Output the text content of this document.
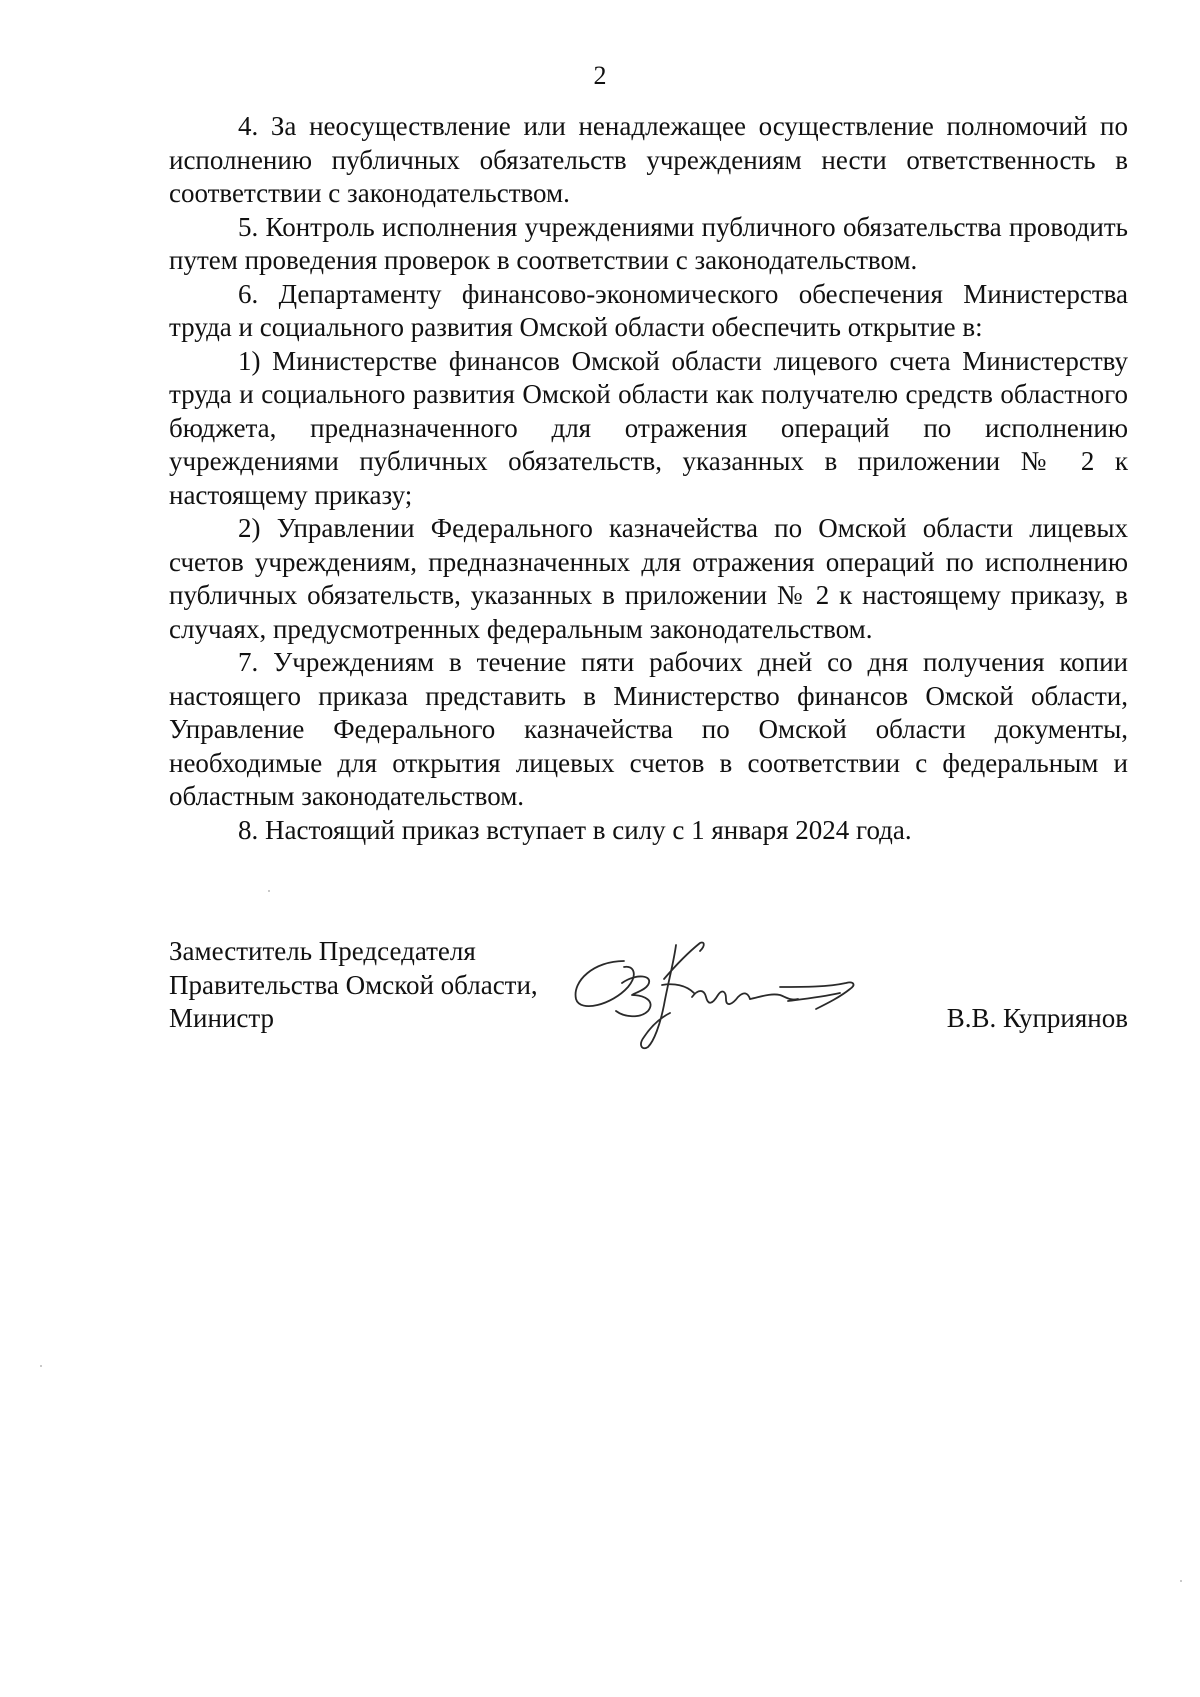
2

4. За неосуществление или ненадлежащее осуществление полномочий по исполнению публичных обязательств учреждениям нести ответственность в соответствии с законодательством.

5. Контроль исполнения учреждениями публичного обязательства проводить путем проведения проверок в соответствии с законодательством.

6. Департаменту финансово-экономического обеспечения Министерства труда и социального развития Омской области обеспечить открытие в:

1) Министерстве финансов Омской области лицевого счета Министерству труда и социального развития Омской области как получателю средств областного бюджета, предназначенного для отражения операций по исполнению учреждениями публичных обязательств, указанных в приложении № 2 к настоящему приказу;

2) Управлении Федерального казначейства по Омской области лицевых счетов учреждениям, предназначенных для отражения операций по исполнению публичных обязательств, указанных в приложении № 2 к настоящему приказу, в случаях, предусмотренных федеральным законодательством.

7. Учреждениям в течение пяти рабочих дней со дня получения копии настоящего приказа представить в Министерство финансов Омской области, Управление Федерального казначейства по Омской области документы, необходимые для открытия лицевых счетов в соответствии с федеральным и областным законодательством.

8. Настоящий приказ вступает в силу с 1 января 2024 года.

Заместитель Председателя
Правительства Омской области,
Министр	В.В. Куприянов
